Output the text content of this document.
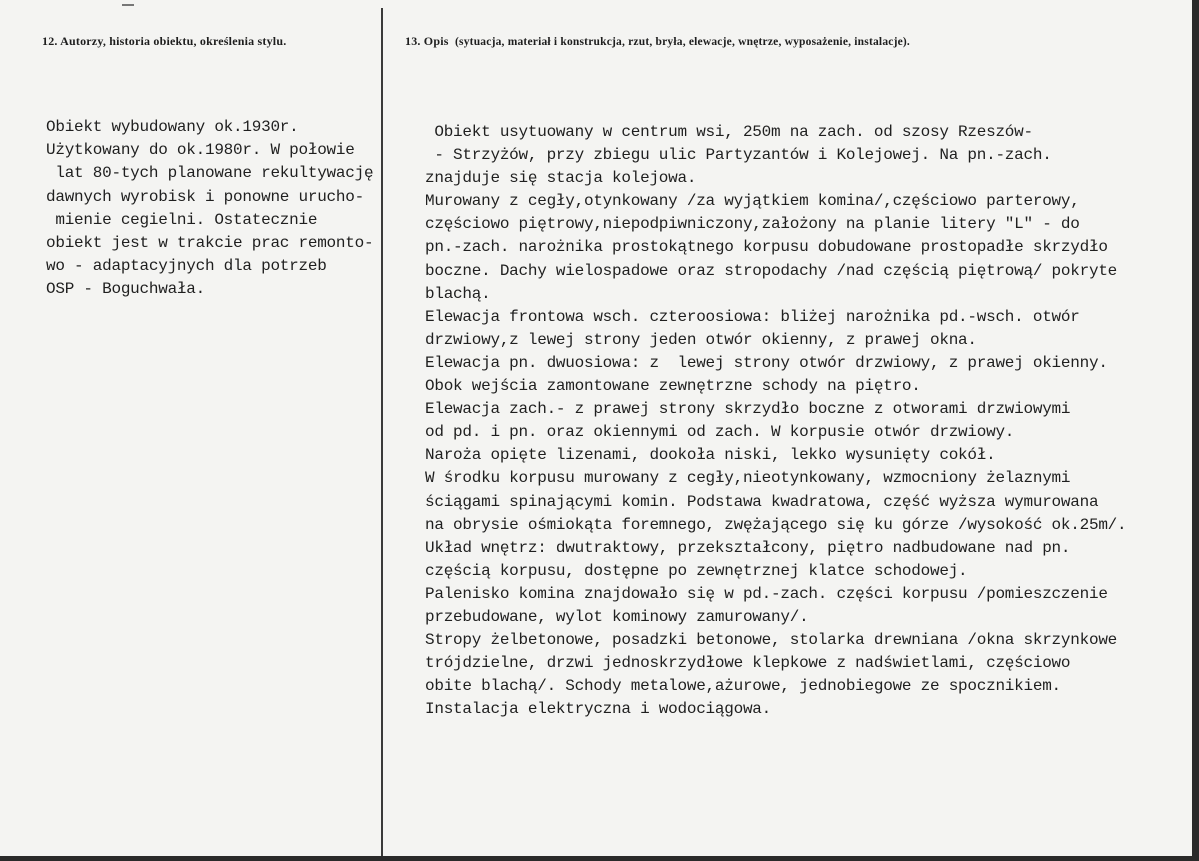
12. Autorzy, historia obiektu, określenia stylu.	13. Opis (sytuacja, materiał i konstrukcja, rzut, bryła, elewacje, wnętrze, wyposażenie, instalacje).
Obiekt wybudowany ok.1930r.
Użytkowany do ok.1980r. W połowie
lat 80-tych planowane rekultywację
dawnych wyrobisk i ponowne urucho-
mienie cegielni. Ostatecznie
obiekt jest w trakcie prac remonto-
wo - adaptacyjnych dla potrzeb
OSP - Boguchwała.
Obiekt usytuowany w centrum wsi, 250m na zach. od szosy Rzeszów-
- Strzyżów, przy zbiegu ulic Partyzantów i Kolejowej. Na pn.-zach.
znajduje się stacja kolejowa.
Murowany z cegły,otynkowany /za wyjątkiem komina/,częściowo parterowy,
częściowo piętrowy,niepodpiwniczony,założony na planie litery "L" - do
pn.-zach. narożnika prostokątnego korpusu dobudowane prostopadłe skrzydło
boczne. Dachy wielospadowe oraz stropodachy /nad częścią piętrową/ pokryte
blachą.
Elewacja frontowa wsch. czteroosiowa: bliżej narożnika pd.-wsch. otwór
drzwiowy,z lewej strony jeden otwór okienny, z prawej okna.
Elewacja pn. dwuosiowa: z  lewej strony otwór drzwiowy, z prawej okienny.
Obok wejścia zamontowane zewnętrzne schody na piętro.
Elewacja zach.- z prawej strony skrzydło boczne z otworami drzwiowymi
od pd. i pn. oraz okiennymi od zach. W korpusie otwór drzwiowy.
Naroża opięte lizenami, dookoła niski, lekko wysunięty cokół.
W środku korpusu murowany z cegły,nieotynkowany, wzmocniony żelaznymi
ściągami spinającymi komin. Podstawa kwadratowa, część wyższa wymurowana
na obrysie ośmiokąta foremnego, zwężającego się ku górze /wysokość ok.25m/.
Układ wnętrz: dwutraktowy, przekształcony, piętro nadbudowane nad pn.
częścią korpusu, dostępne po zewnętrznej klatce schodowej.
Palenisko komina znajdowało się w pd.-zach. części korpusu /pomieszczenie
przebudowane, wylot kominowy zamurowany/.
Stropy żelbetonowe, posadzki betonowe, stolarka drewniana /okna skrzynkowe
trójdzielne, drzwi jednoskrzydłowe klepkowe z nadświetlami, częściowo
obite blachą/. Schody metalowe,ażurowe, jednobiegowe ze spocznikiem.
Instalacja elektryczna i wodociągowa.
